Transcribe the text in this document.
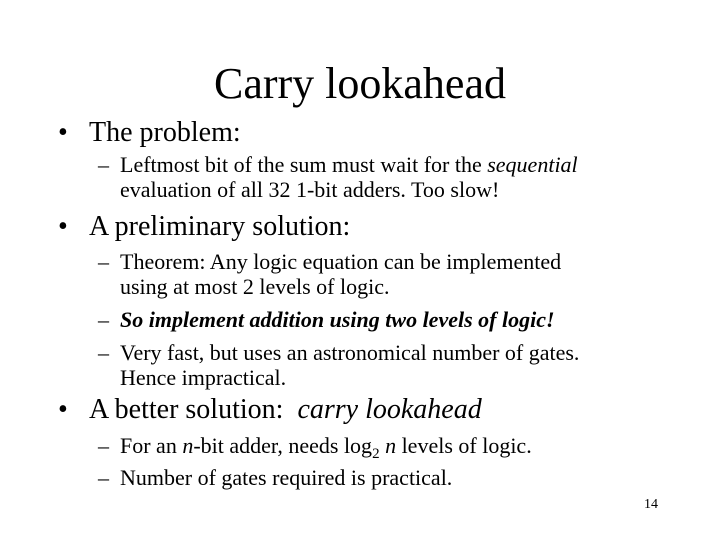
Carry lookahead
• The problem:
– Leftmost bit of the sum must wait for the sequential
evaluation of all 32 1-bit adders. Too slow!
• A preliminary solution:
– Theorem: Any logic equation can be implemented
using at most 2 levels of logic.
– So implement addition using two levels of logic!
– Very fast, but uses an astronomical number of gates.
Hence impractical.
• A better solution:  carry lookahead
– For an n-bit adder, needs $\log_2 n$ levels of logic.
– Number of gates required is practical.
14
